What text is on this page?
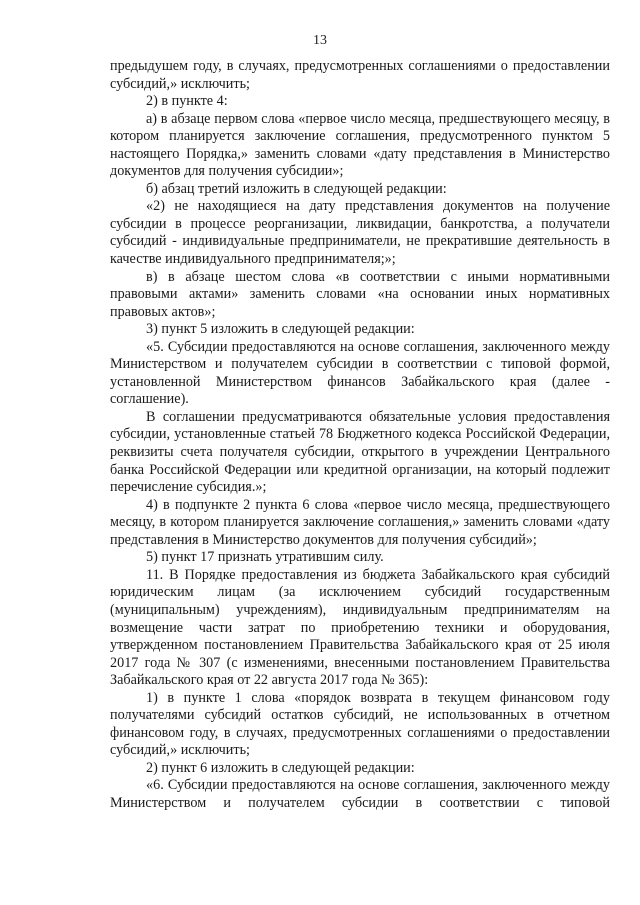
13

предыдушем году, в случаях, предусмотренных соглашениями о предоставлении субсидий,» исключить;

2) в пункте 4:

а) в абзаце первом слова «первое число месяца, предшествующего месяцу, в котором планируется заключение соглашения, предусмотренного пунктом 5 настоящего Порядка,» заменить словами «дату представления в Министерство документов для получения субсидии»;

б) абзац третий изложить в следующей редакции:

«2) не находящиеся на дату представления документов на получение субсидии в процессе реорганизации, ликвидации, банкротства, а получатели субсидий - индивидуальные предприниматели, не прекратившие деятельность в качестве индивидуального предпринимателя;»;

в) в абзаце шестом слова «в соответствии с иными нормативными правовыми актами» заменить словами «на основании иных нормативных правовых актов»;

3) пункт 5 изложить в следующей редакции:

«5. Субсидии предоставляются на основе соглашения, заключенного между Министерством и получателем субсидии в соответствии с типовой формой, установленной Министерством финансов Забайкальского края (далее - соглашение).

В соглашении предусматриваются обязательные условия предоставления субсидии, установленные статьей 78 Бюджетного кодекса Российской Федерации, реквизиты счета получателя субсидии, открытого в учреждении Центрального банка Российской Федерации или кредитной организации, на который подлежит перечисление субсидия.»;

4) в подпункте 2 пункта 6 слова «первое число месяца, предшествующего месяцу, в котором планируется заключение соглашения,» заменить словами «дату представления в Министерство документов для получения субсидий»;

5) пункт 17 признать утратившим силу.

11. В Порядке предоставления из бюджета Забайкальского края субсидий юридическим лицам (за исключением субсидий государственным (муниципальным) учреждениям), индивидуальным предпринимателям на возмещение части затрат по приобретению техники и оборудования, утвержденном постановлением Правительства Забайкальского края от 25 июля 2017 года № 307 (с изменениями, внесенными постановлением Правительства Забайкальского края от 22 августа 2017 года № 365):

1) в пункте 1 слова «порядок возврата в текущем финансовом году получателями субсидий остатков субсидий, не использованных в отчетном финансовом году, в случаях, предусмотренных соглашениями о предоставлении субсидий,» исключить;

2) пункт 6 изложить в следующей редакции:

«6. Субсидии предоставляются на основе соглашения, заключенного между Министерством и получателем субсидии в соответствии с типовой
